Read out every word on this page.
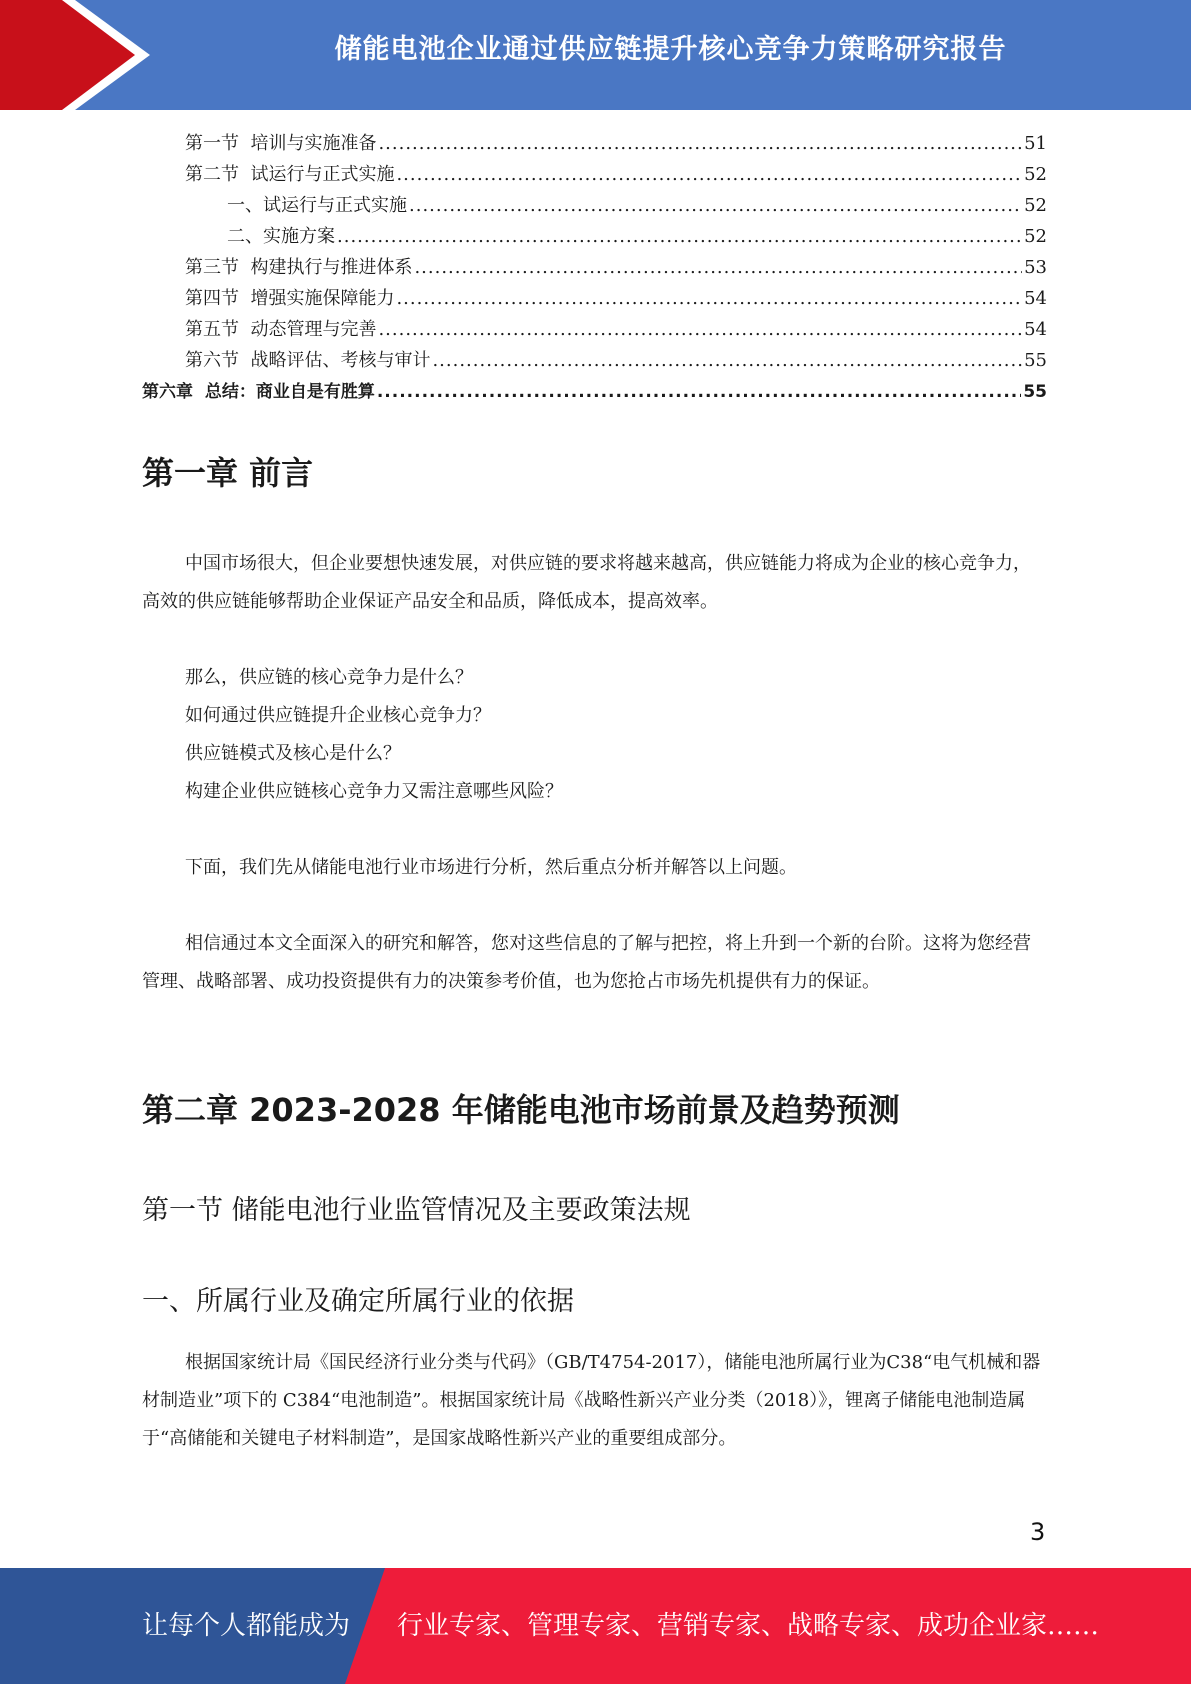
储能电池企业通过供应链提升核心竞争力策略研究报告
第一节  培训与实施准备 .....	51
第二节  试运行与正式实施 .....	52
一、试运行与正式实施 .....	52
二、实施方案 .....	52
第三节  构建执行与推进体系 .....	53
第四节  增强实施保障能力 .....	54
第五节  动态管理与完善 .....	54
第六节  战略评估、考核与审计 .....	55
第六章  总结：商业自是有胜算 .....	55
第一章 前言

中国市场很大，但企业要想快速发展，对供应链的要求将越来越高，供应链能力将成为企业的核心竞争力，高效的供应链能够帮助企业保证产品安全和品质，降低成本，提高效率。

那么，供应链的核心竞争力是什么？
如何通过供应链提升企业核心竞争力？
供应链模式及核心是什么？
构建企业供应链核心竞争力又需注意哪些风险？

下面，我们先从储能电池行业市场进行分析，然后重点分析并解答以上问题。

相信通过本文全面深入的研究和解答，您对这些信息的了解与把控，将上升到一个新的台阶。这将为您经营管理、战略部署、成功投资提供有力的决策参考价值，也为您抢占市场先机提供有力的保证。

第二章 2023-2028 年储能电池市场前景及趋势预测
第一节 储能电池行业监管情况及主要政策法规
一、所属行业及确定所属行业的依据

根据国家统计局《国民经济行业分类与代码》（GB/T4754-2017），储能电池所属行业为C38“电气机械和器材制造业”项下的 C384“电池制造”。根据国家统计局《战略性新兴产业分类（2018）》，锂离子储能电池制造属于“高储能和关键电子材料制造”，是国家战略性新兴产业的重要组成部分。

3
让每个人都能成为 行业专家、管理专家、营销专家、战略专家、成功企业家……
